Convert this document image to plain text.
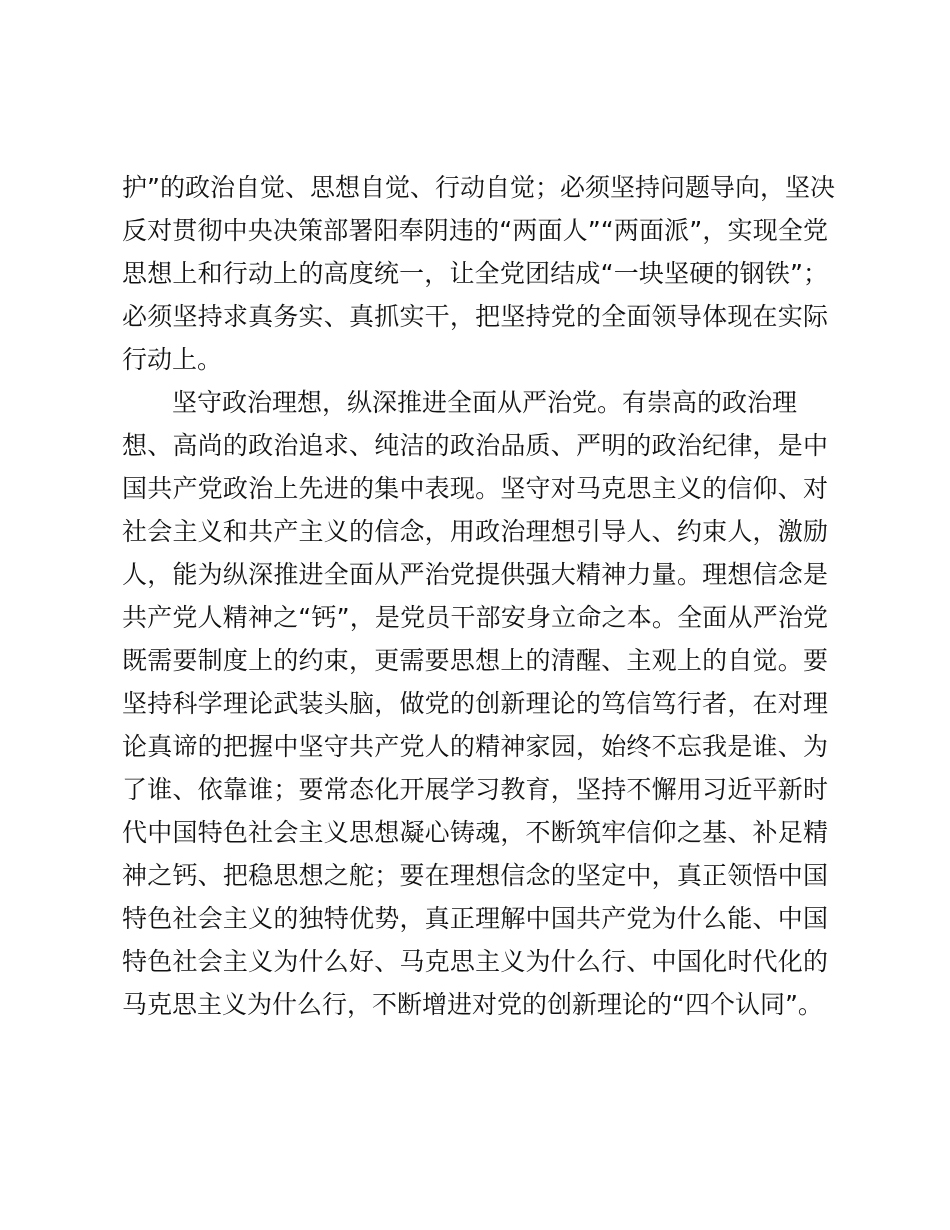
护”的政治自觉、思想自觉、行动自觉；必须坚持问题导向，坚决
反对贯彻中央决策部署阳奉阴违的“两面人”“两面派”，实现全党
思想上和行动上的高度统一，让全党团结成“一块坚硬的钢铁”；
必须坚持求真务实、真抓实干，把坚持党的全面领导体现在实际
行动上。
坚守政治理想，纵深推进全面从严治党。有崇高的政治理
想、高尚的政治追求、纯洁的政治品质、严明的政治纪律，是中
国共产党政治上先进的集中表现。坚守对马克思主义的信仰、对
社会主义和共产主义的信念，用政治理想引导人、约束人，激励
人，能为纵深推进全面从严治党提供强大精神力量。理想信念是
共产党人精神之“钙”，是党员干部安身立命之本。全面从严治党
既需要制度上的约束，更需要思想上的清醒、主观上的自觉。要
坚持科学理论武装头脑，做党的创新理论的笃信笃行者，在对理
论真谛的把握中坚守共产党人的精神家园，始终不忘我是谁、为
了谁、依靠谁；要常态化开展学习教育，坚持不懈用习近平新时
代中国特色社会主义思想凝心铸魂，不断筑牢信仰之基、补足精
神之钙、把稳思想之舵；要在理想信念的坚定中，真正领悟中国
特色社会主义的独特优势，真正理解中国共产党为什么能、中国
特色社会主义为什么好、马克思主义为什么行、中国化时代化的
马克思主义为什么行，不断增进对党的创新理论的“四个认同”。
